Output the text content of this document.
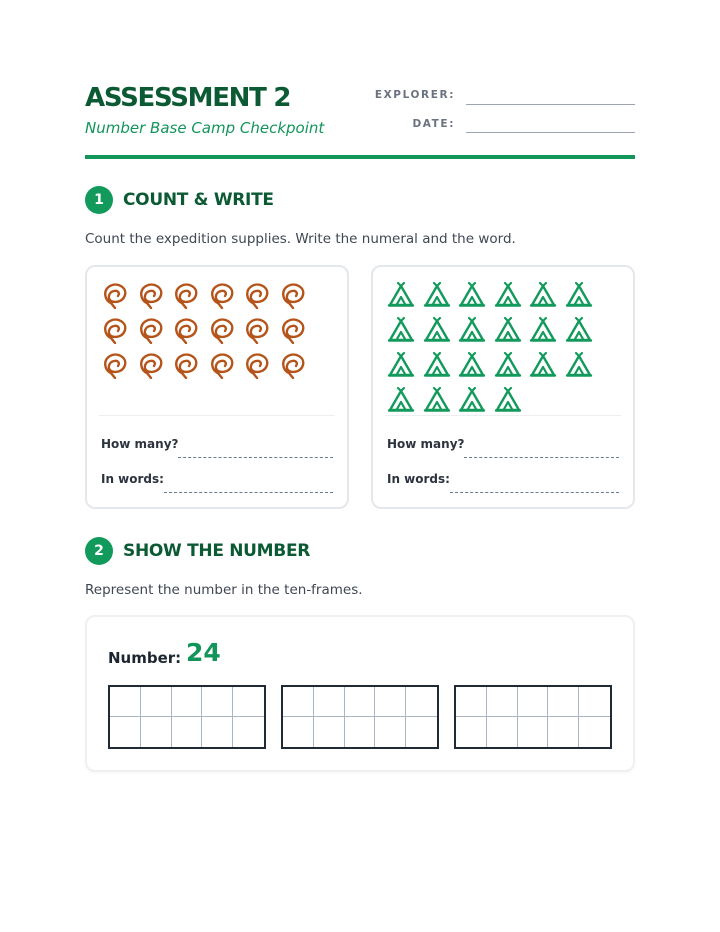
ASSESSMENT 2
Number Base Camp Checkpoint
EXPLORER:
DATE:
1	COUNT & WRITE
Count the expedition supplies. Write the numeral and the word.
How many?
In words:
How many?
In words:
2	SHOW THE NUMBER
Represent the number in the ten-frames.
Number: 24
